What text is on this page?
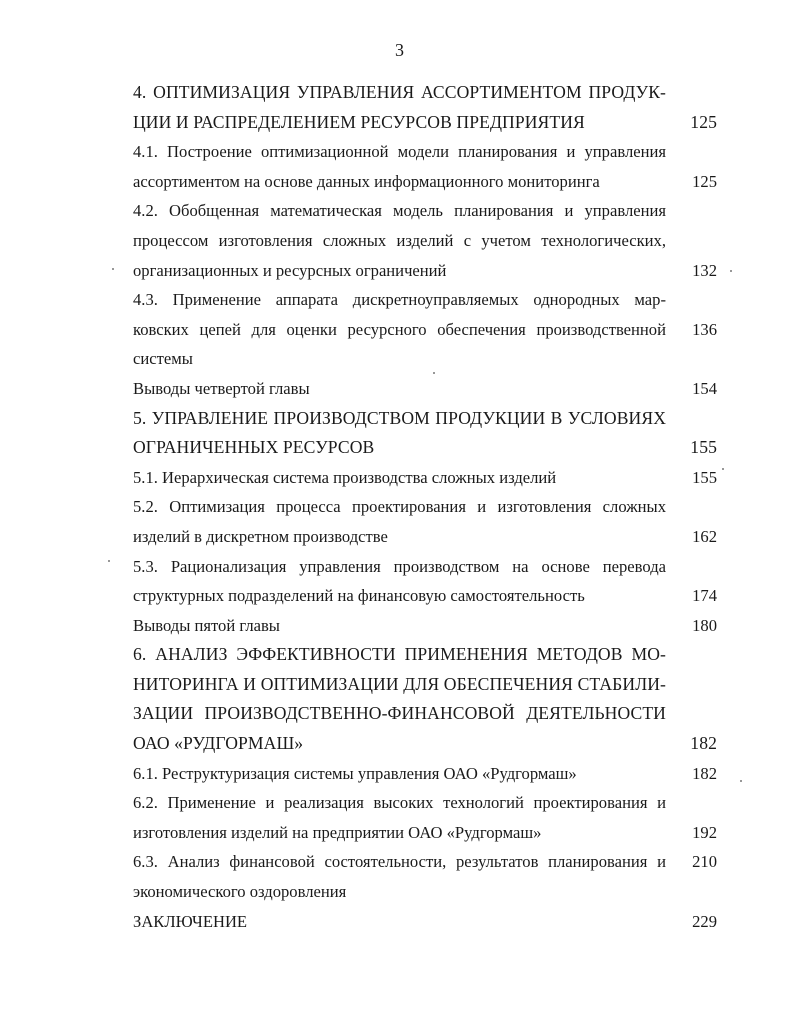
3
4. ОПТИМИЗАЦИЯ УПРАВЛЕНИЯ АССОРТИМЕНТОМ ПРОДУК-
ЦИИ И РАСПРЕДЕЛЕНИЕМ РЕСУРСОВ ПРЕДПРИЯТИЯ	125
4.1. Построение оптимизационной модели планирования и управления
ассортиментом на основе данных информационного мониторинга	125
4.2. Обобщенная математическая модель планирования и управления
процессом изготовления сложных изделий с учетом технологических,
организационных и ресурсных ограничений	132
4.3. Применение аппарата дискретноуправляемых однородных мар-
ковских цепей для оценки ресурсного обеспечения производственной	136
системы
Выводы четвертой главы	154
5. УПРАВЛЕНИЕ ПРОИЗВОДСТВОМ ПРОДУКЦИИ В УСЛОВИЯХ
ОГРАНИЧЕННЫХ РЕСУРСОВ	155
5.1. Иерархическая система производства сложных изделий	155
5.2. Оптимизация процесса проектирования и изготовления сложных
изделий в дискретном производстве	162
5.3. Рационализация управления производством на основе перевода
структурных подразделений на финансовую самостоятельность	174
Выводы пятой главы	180
6. АНАЛИЗ ЭФФЕКТИВНОСТИ ПРИМЕНЕНИЯ МЕТОДОВ МО-
НИТОРИНГА И ОПТИМИЗАЦИИ ДЛЯ ОБЕСПЕЧЕНИЯ СТАБИЛИ-
ЗАЦИИ ПРОИЗВОДСТВЕННО-ФИНАНСОВОЙ ДЕЯТЕЛЬНОСТИ
ОАО «РУДГОРМАШ»	182
6.1. Реструктуризация системы управления ОАО «Рудгормаш»	182
6.2. Применение и реализация высоких технологий проектирования и
изготовления изделий на предприятии ОАО «Рудгормаш»	192
6.3. Анализ финансовой состоятельности, результатов планирования и	210
экономического оздоровления
ЗАКЛЮЧЕНИЕ	229
